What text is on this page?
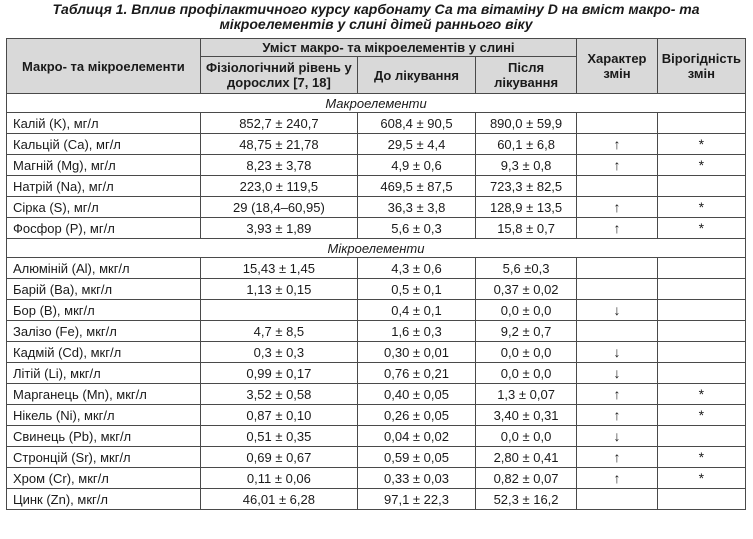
Таблиця 1. Вплив профілактичного курсу карбонату Са та вітаміну D на вміст макро- та мікроелементів у слині дітей раннього віку
Макро- та мікроелементи	Уміст макро- та мікроелементів у слині			Характер змін	Вірогідність змін
	Фізіологічний рівень у дорослих [7, 18]	До лікування	Після лікування		
Макроелементи					
Калій (K), мг/л	852,7 ± 240,7	608,4 ± 90,5	890,0 ± 59,9		
Кальцій (Са), мг/л	48,75 ± 21,78	29,5 ± 4,4	60,1 ± 6,8	↑	*
Магній (Mg), мг/л	8,23 ± 3,78	4,9 ± 0,6	9,3 ± 0,8	↑	*
Натрій (Na), мг/л	223,0 ± 119,5	469,5 ± 87,5	723,3 ± 82,5		
Сірка (S), мг/л	29 (18,4–60,95)	36,3 ± 3,8	128,9 ± 13,5	↑	*
Фосфор (P), мг/л	3,93 ± 1,89	5,6 ± 0,3	15,8 ± 0,7	↑	*
Мікроелементи					
Алюміній (Al), мкг/л	15,43 ± 1,45	4,3 ± 0,6	5,6 ±0,3		
Барій (Ва), мкг/л	1,13 ± 0,15	0,5 ± 0,1	0,37 ± 0,02		
Бор (В), мкг/л		0,4 ± 0,1	0,0 ± 0,0	↓	
Залізо (Fe), мкг/л	4,7 ± 8,5	1,6 ± 0,3	9,2 ± 0,7		
Кадмій (Cd), мкг/л	0,3 ± 0,3	0,30 ± 0,01	0,0 ± 0,0	↓	
Літій (Li), мкг/л	0,99 ± 0,17	0,76 ± 0,21	0,0 ± 0,0	↓	
Марганець (Mn), мкг/л	3,52 ± 0,58	0,40 ± 0,05	1,3 ± 0,07	↑	*
Нікель (Ni), мкг/л	0,87 ± 0,10	0,26 ± 0,05	3,40 ± 0,31	↑	*
Свинець (Pb), мкг/л	0,51 ± 0,35	0,04 ± 0,02	0,0 ± 0,0	↓	
Стронцій (Sr), мкг/л	0,69 ± 0,67	0,59 ± 0,05	2,80 ± 0,41	↑	*
Хром (Cr), мкг/л	0,11 ± 0,06	0,33 ± 0,03	0,82 ± 0,07	↑	*
Цинк (Zn), мкг/л	46,01 ± 6,28	97,1 ± 22,3	52,3 ± 16,2		
